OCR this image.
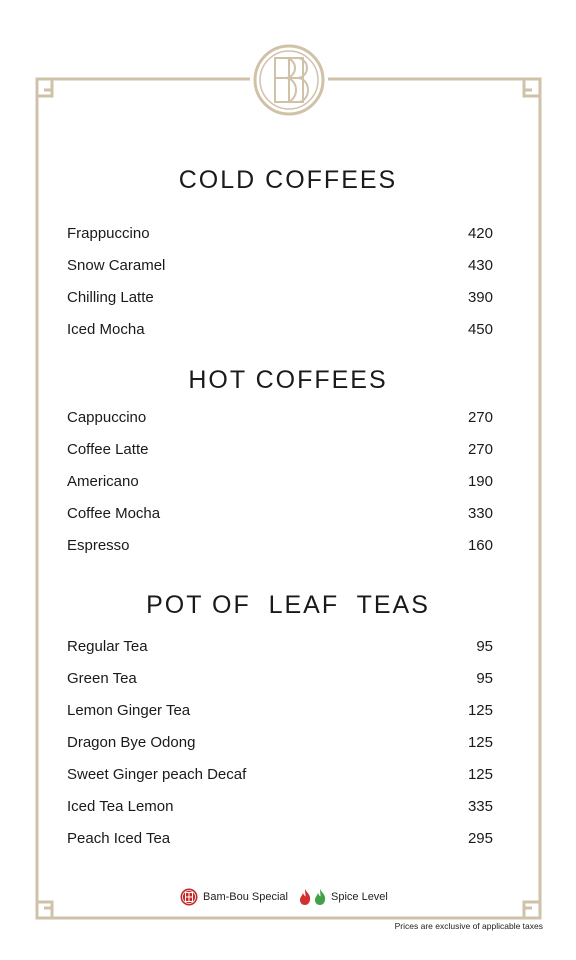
COLD COFFEES
Frappuccino	420
Snow Caramel	430
Chilling Latte	390
Iced Mocha	450
HOT COFFEES
Cappuccino	270
Coffee Latte	270
Americano	190
Coffee Mocha	330
Espresso	160
POT OF  LEAF  TEAS
Regular Tea	95
Green Tea	95
Lemon Ginger Tea	125
Dragon Bye Odong	125
Sweet Ginger peach Decaf	125
Iced Tea Lemon	335
Peach Iced Tea	295
Bam-Bou Special	Spice Level
Prices are exclusive of applicable taxes
